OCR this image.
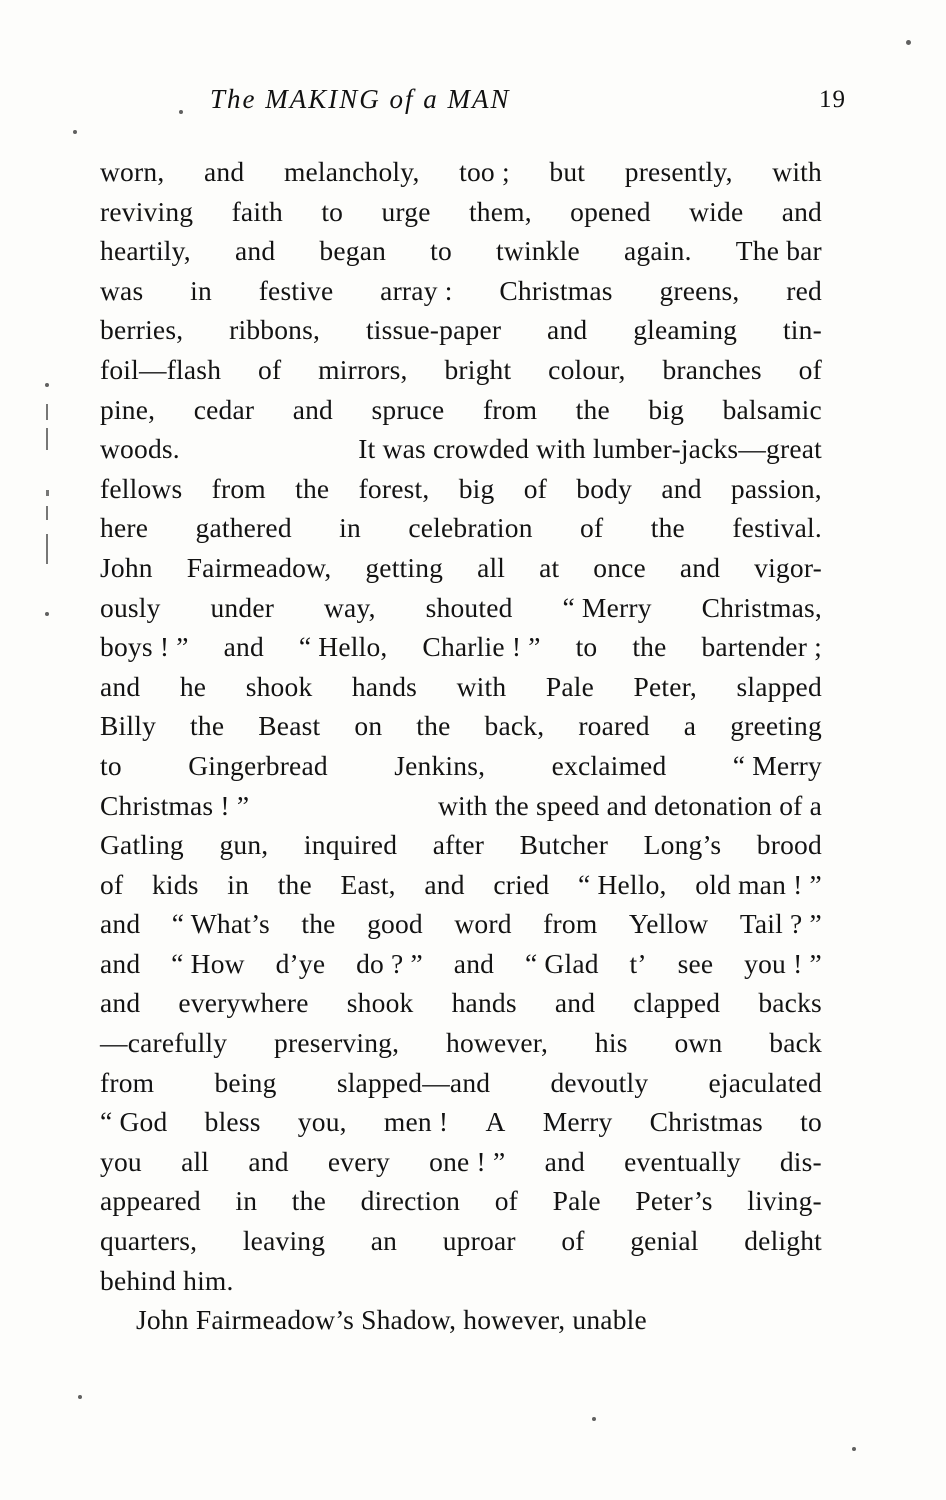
The MAKING of a MAN	19
worn, and melancholy, too ; but presently, with
reviving faith to urge them, opened wide and
heartily, and began to twinkle again. The bar
was in festive array : Christmas greens, red
berries, ribbons, tissue-paper and gleaming tin-
foil—flash of mirrors, bright colour, branches of
pine, cedar and spruce from the big balsamic
woods.	It was crowded with lumber-jacks—great
fellows from the forest, big of body and passion,
here gathered in celebration of the festival.
John Fairmeadow, getting all at once and vigor-
ously under way, shouted “ Merry Christmas,
boys ! ” and “ Hello, Charlie ! ” to the bartender ;
and he shook hands with Pale Peter, slapped
Billy the Beast on the back, roared a greeting
to Gingerbread Jenkins, exclaimed “ Merry
Christmas ! ”	with the speed and detonation of a
Gatling gun, inquired after Butcher Long’s brood
of kids in the East, and cried “ Hello, old man ! ”
and “ What’s the good word from Yellow Tail ? ”
and “ How d’ye do ? ” and “ Glad t’ see you ! ”
and everywhere shook hands and clapped backs
—carefully preserving, however, his own back
from being slapped—and devoutly ejaculated
“ God bless you, men ! A Merry Christmas to
you all and every one ! ” and eventually dis-
appeared in the direction of Pale Peter’s living-
quarters, leaving an uproar of genial delight
behind him.
John Fairmeadow’s Shadow, however, unable
